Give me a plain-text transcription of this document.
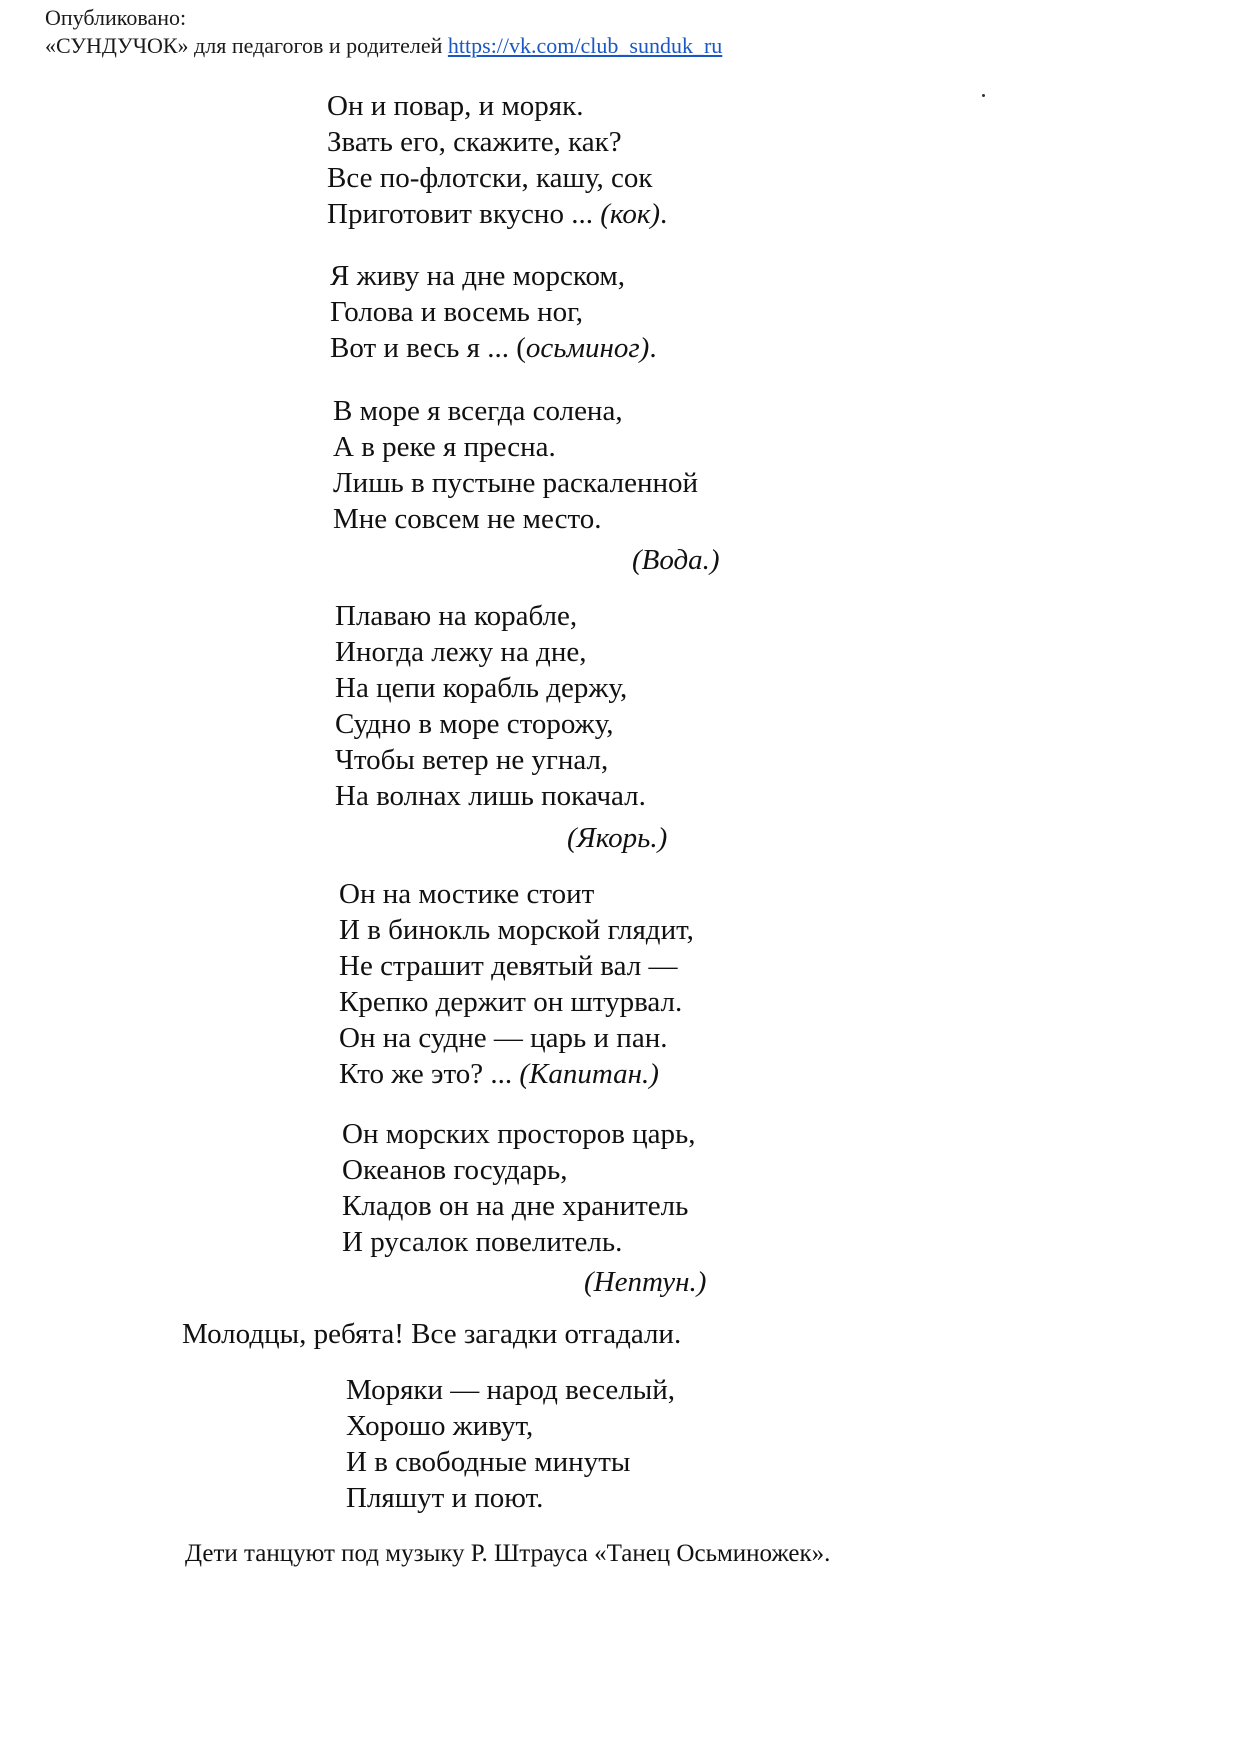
Опубликовано:
«СУНДУЧОК» для педагогов и родителей https://vk.com/club_sunduk_ru
Он и повар, и моряк.
Звать его, скажите, как?
Все по-флотски, кашу, сок
Приготовит вкусно ... (кок).
Я живу на дне морском,
Голова и восемь ног,
Вот и весь я ... (осьминог).
В море я всегда солена,
А в реке я пресна.
Лишь в пустыне раскаленной
Мне совсем не место.
(Вода.)
Плаваю на корабле,
Иногда лежу на дне,
На цепи корабль держу,
Судно в море сторожу,
Чтобы ветер не угнал,
На волнах лишь покачал.
(Якорь.)
Он на мостике стоит
И в бинокль морской глядит,
Не страшит девятый вал —
Крепко держит он штурвал.
Он на судне — царь и пан.
Кто же это? ... (Капитан.)
Он морских просторов царь,
Океанов государь,
Кладов он на дне хранитель
И русалок повелитель.
(Нептун.)
Молодцы, ребята! Все загадки отгадали.
Моряки — народ веселый,
Хорошо живут,
И в свободные минуты
Пляшут и поют.
Дети танцуют под музыку Р. Штрауса «Танец Осьминожек».
